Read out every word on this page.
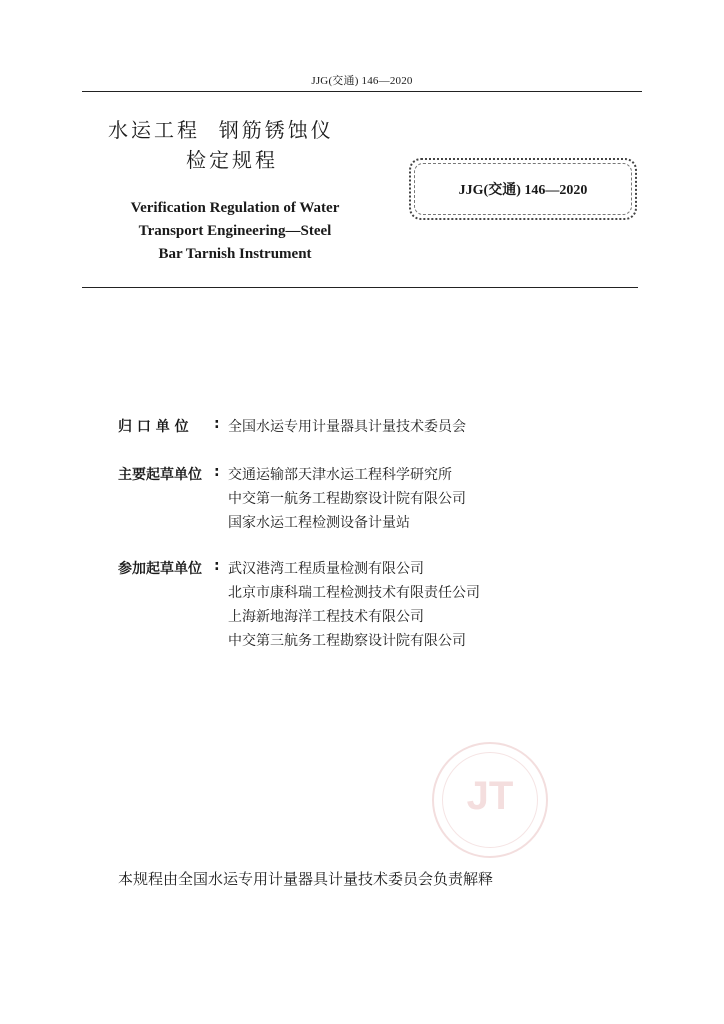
JJG(交通) 146—2020
水运工程  钢筋锈蚀仪
检定规程
Verification Regulation of Water
Transport Engineering—Steel
Bar Tarnish Instrument
JJG(交通) 146—2020
归 口 单 位 : 全国水运专用计量器具计量技术委员会
主要起草单位 : 交通运输部天津水运工程科学研究所
中交第一航务工程勘察设计院有限公司
国家水运工程检测设备计量站
参加起草单位 : 武汉港湾工程质量检测有限公司
北京市康科瑞工程检测技术有限责任公司
上海新地海洋工程技术有限公司
中交第三航务工程勘察设计院有限公司
JT
本规程由全国水运专用计量器具计量技术委员会负责解释
